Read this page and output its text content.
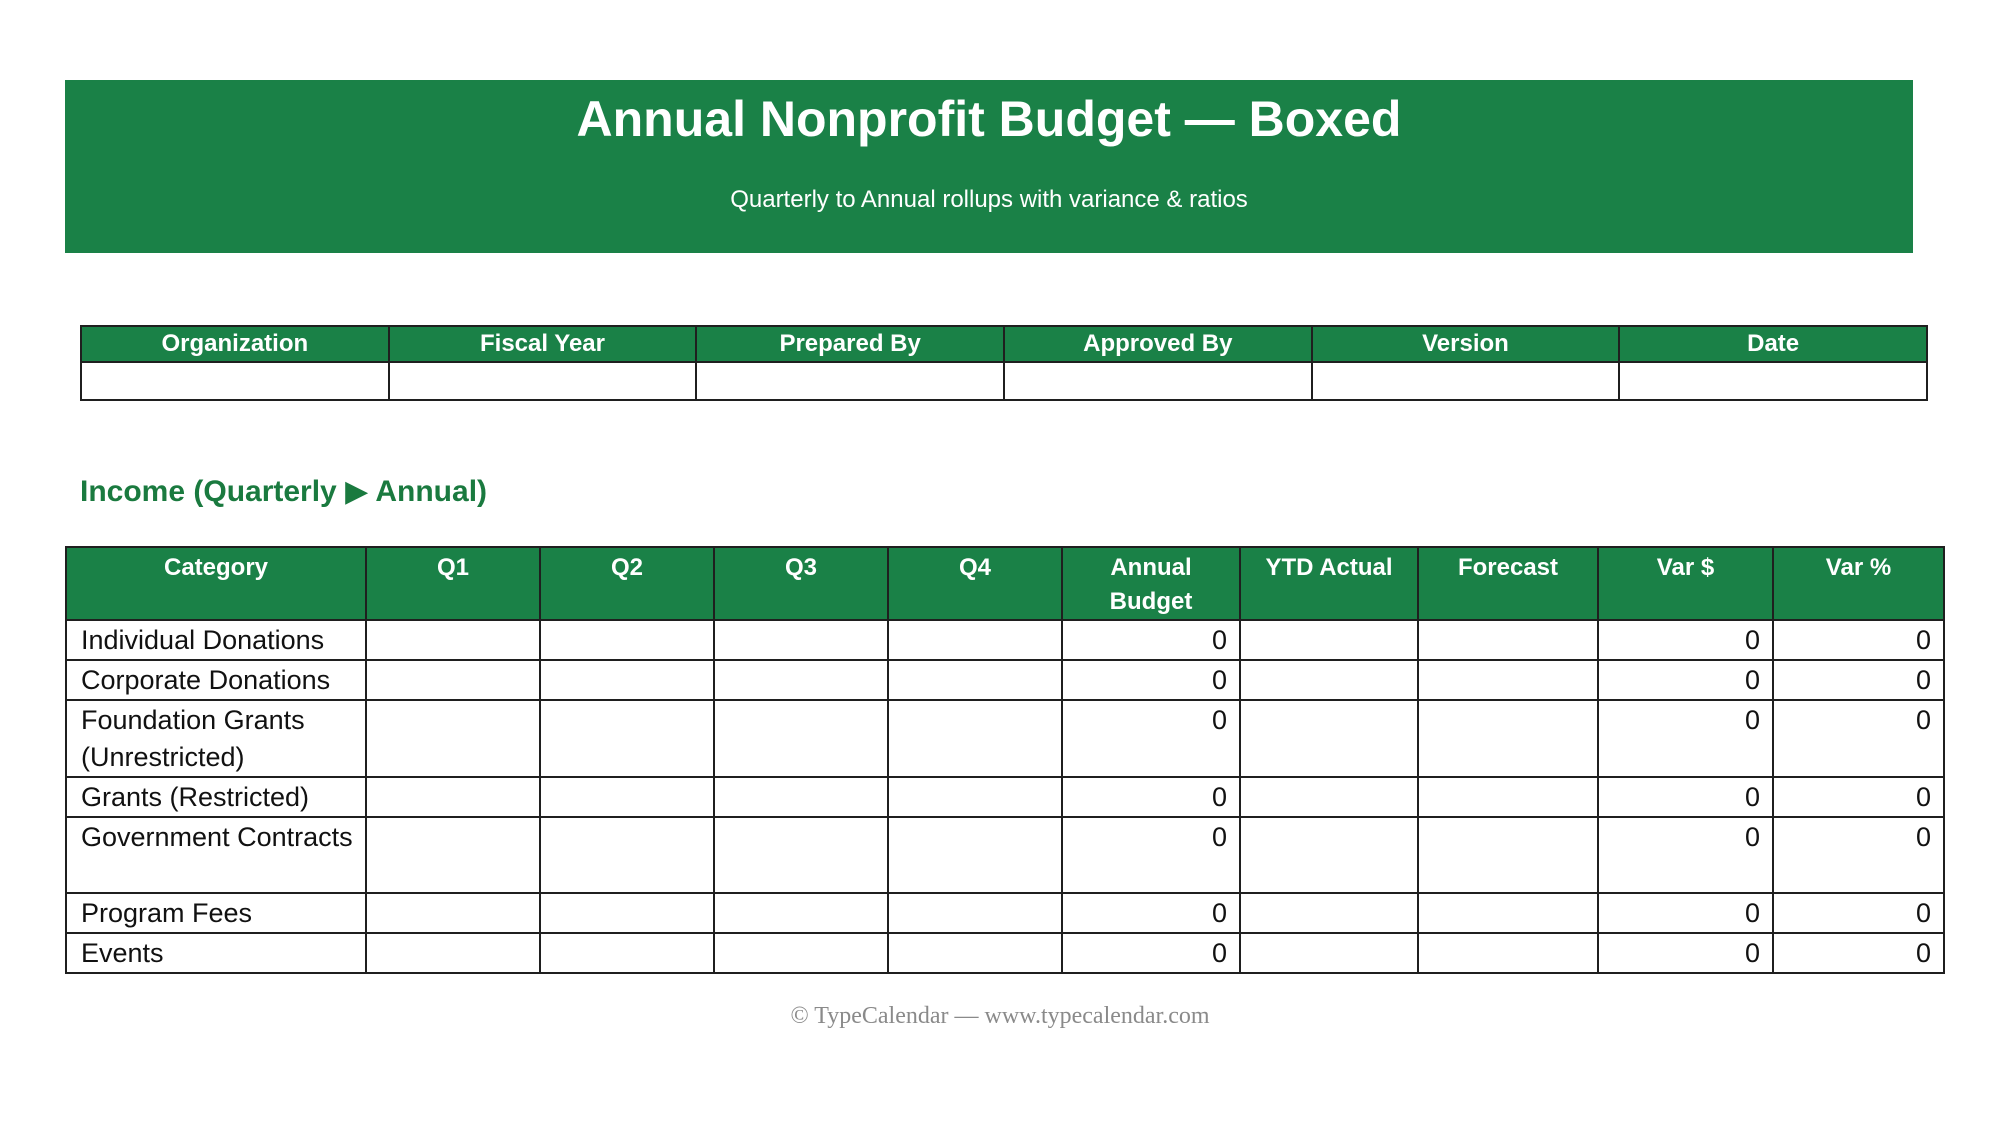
Annual Nonprofit Budget — Boxed
Quarterly to Annual rollups with variance & ratios
Organization	Fiscal Year	Prepared By	Approved By	Version	Date

Income (Quarterly ▶ Annual)
Category	Q1	Q2	Q3	Q4	Annual Budget	YTD Actual	Forecast	Var $	Var %
Individual Donations					0			0	0
Corporate Donations					0			0	0
Foundation Grants (Unrestricted)					0			0	0
Grants (Restricted)					0			0	0
Government Contracts					0			0	0
Program Fees					0			0	0
Events					0			0	0
© TypeCalendar — www.typecalendar.com
